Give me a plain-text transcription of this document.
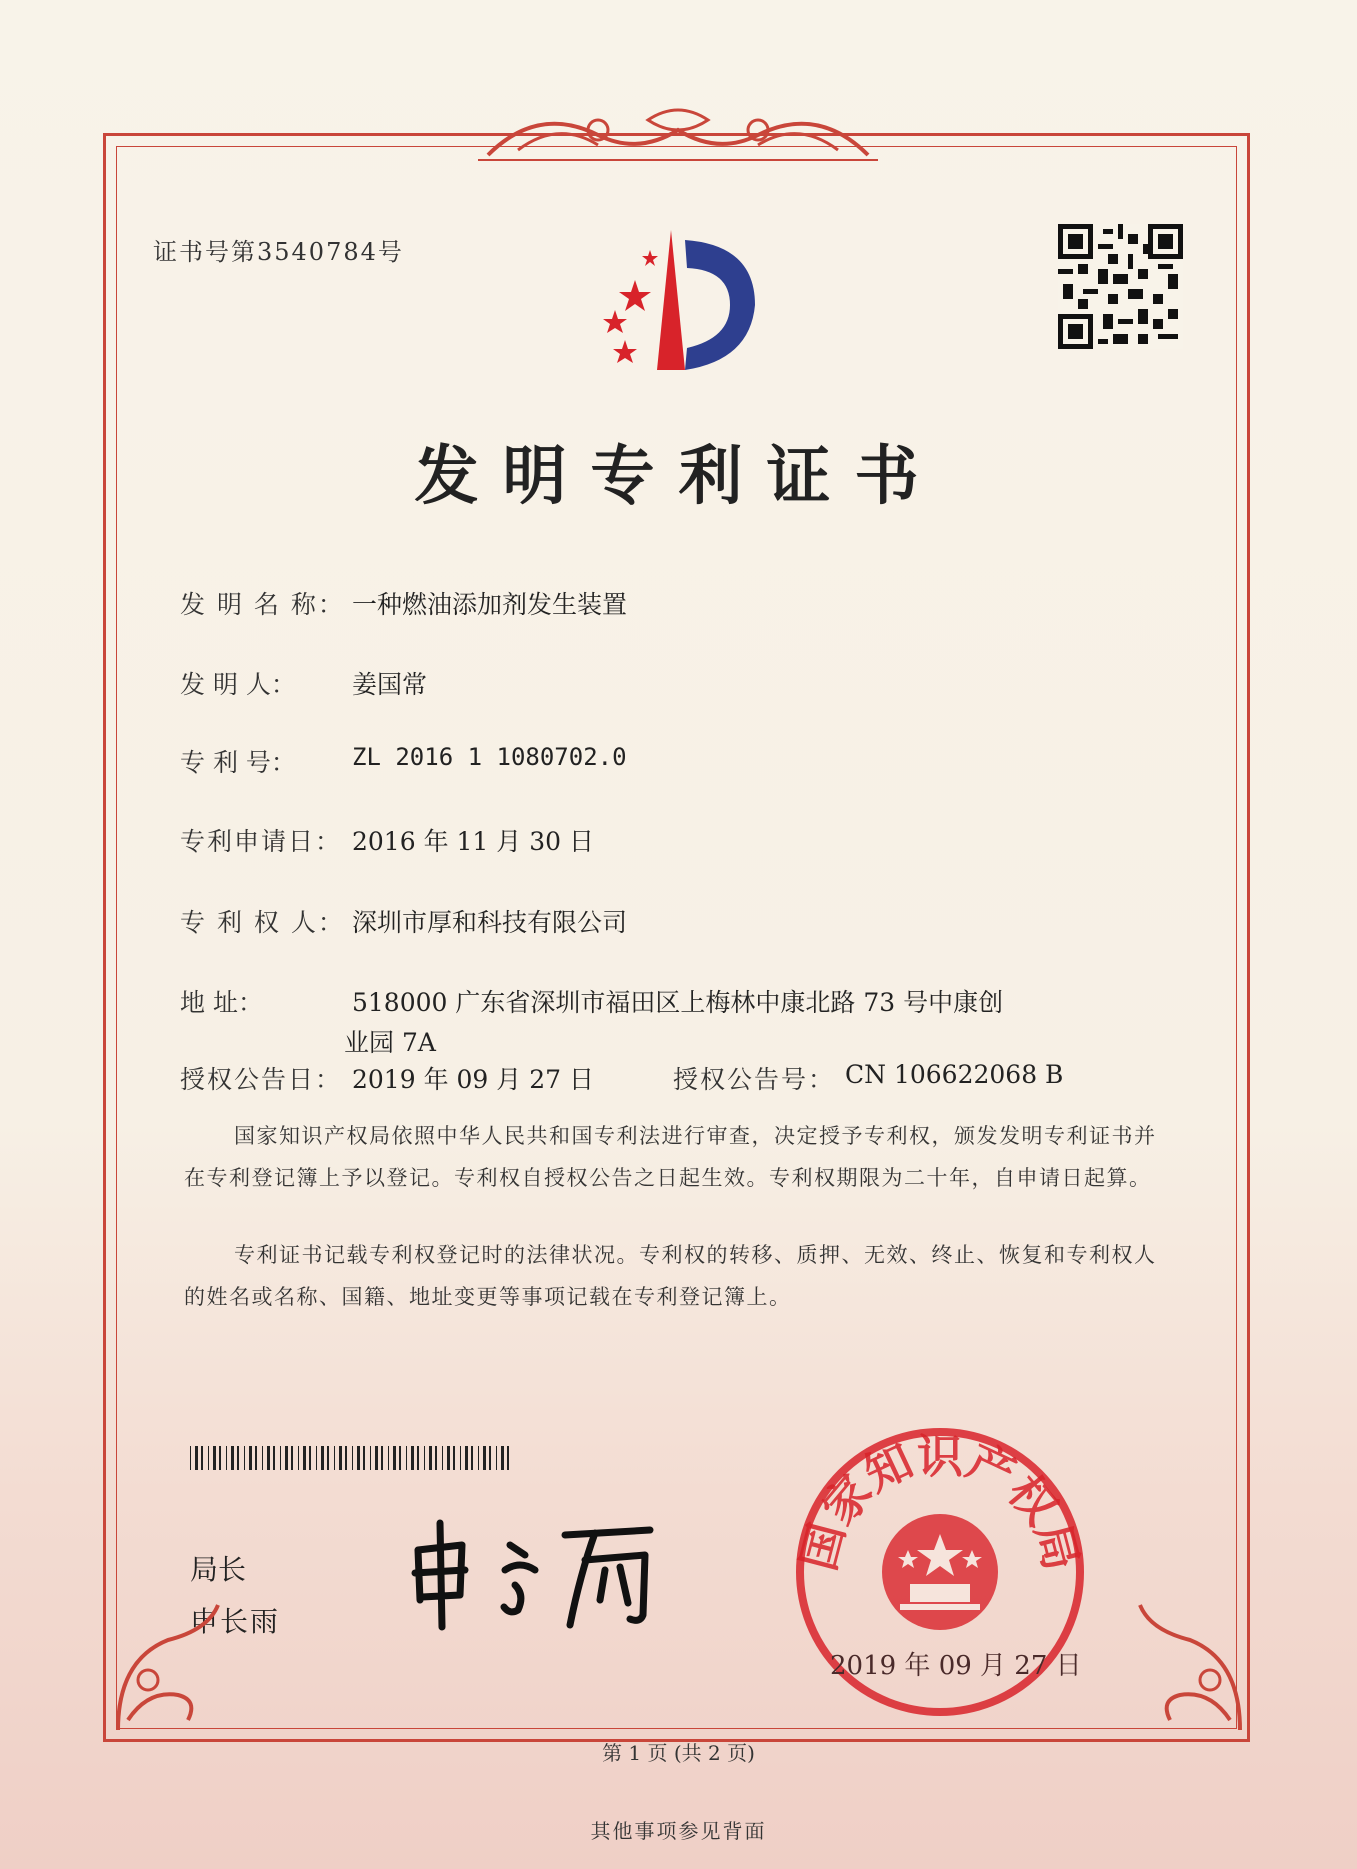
证书号第3540784号
发明专利证书
发 明 名 称： 一种燃油添加剂发生装置
发 明 人： 姜国常
专 利 号： ZL 2016 1 1080702.0
专利申请日： 2016 年 11 月 30 日
专 利 权 人： 深圳市厚和科技有限公司
地 址：	518000 广东省深圳市福田区上梅林中康北路 73 号中康创
业园 7A
授权公告日： 2019 年 09 月 27 日	授权公告号： CN 106622068 B
国家知识产权局依照中华人民共和国专利法进行审查，决定授予专利权，颁发发明专利证书并在专利登记簿上予以登记。专利权自授权公告之日起生效。专利权期限为二十年，自申请日起算。
专利证书记载专利权登记时的法律状况。专利权的转移、质押、无效、终止、恢复和专利权人的姓名或名称、国籍、地址变更等事项记载在专利登记簿上。
局长
申长雨
国家知识产权局
2019 年 09 月 27 日
第 1 页 (共 2 页)
其他事项参见背面
